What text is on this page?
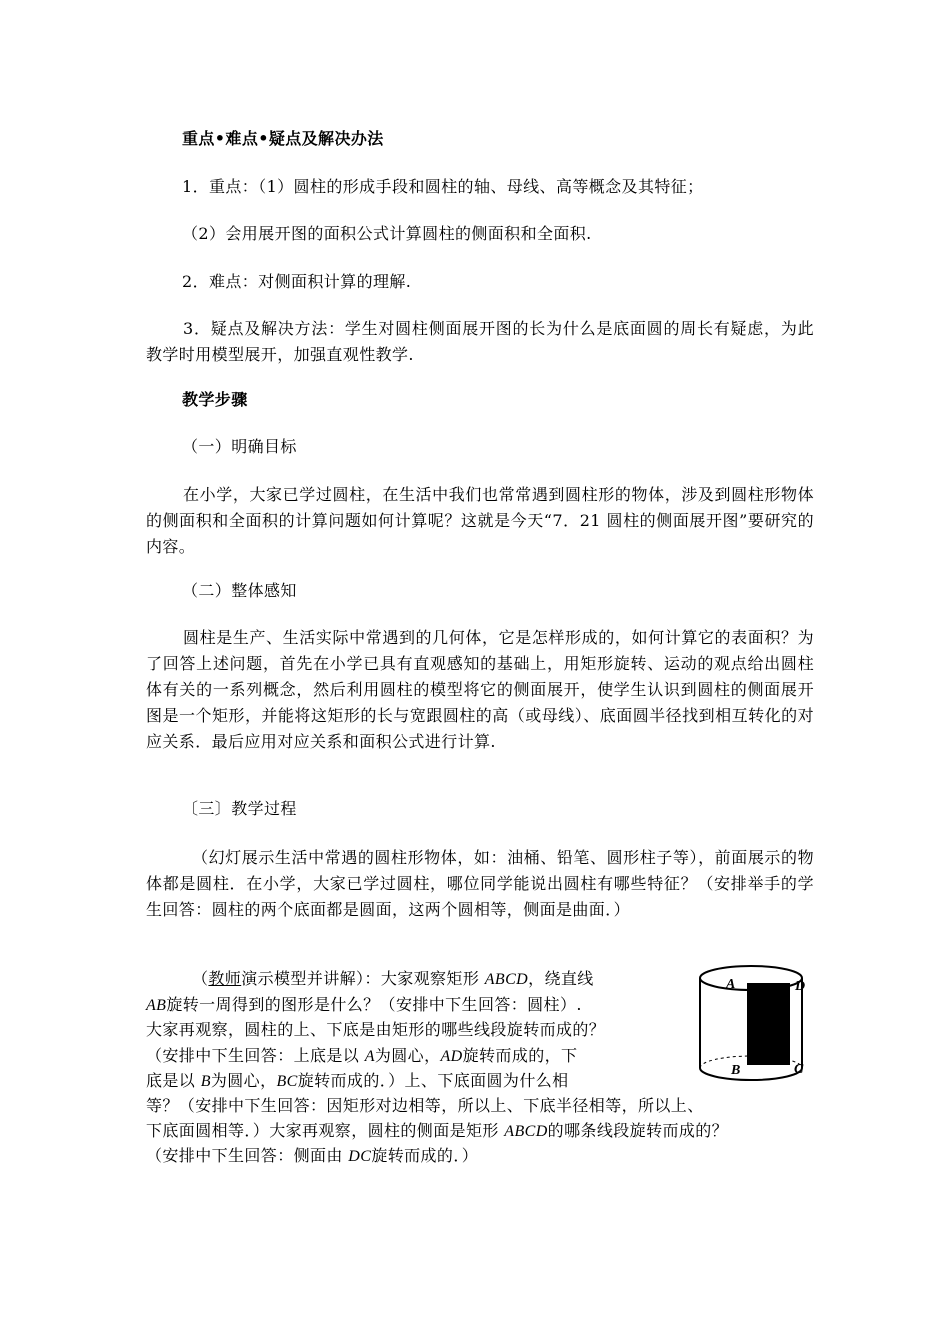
重点•难点•疑点及解决办法
1．重点：（1）圆柱的形成手段和圆柱的轴、母线、高等概念及其特征；
（2）会用展开图的面积公式计算圆柱的侧面积和全面积.
2．难点：对侧面积计算的理解.
3．疑点及解决方法：学生对圆柱侧面展开图的长为什么是底面圆的周长有疑虑，为此教学时用模型展开，加强直观性教学.
教学步骤
（一）明确目标
在小学，大家已学过圆柱，在生活中我们也常常遇到圆柱形的物体，涉及到圆柱形物体的侧面积和全面积的计算问题如何计算呢？这就是今天“7．21 圆柱的侧面展开图”要研究的内容。
（二）整体感知
圆柱是生产、生活实际中常遇到的几何体，它是怎样形成的，如何计算它的表面积？为了回答上述问题，首先在小学已具有直观感知的基础上，用矩形旋转、运动的观点给出圆柱体有关的一系列概念，然后利用圆柱的模型将它的侧面展开，使学生认识到圆柱的侧面展开图是一个矩形，并能将这矩形的长与宽跟圆柱的高（或母线）、底面圆半径找到相互转化的对应关系．最后应用对应关系和面积公式进行计算.
〔三〕教学过程
（幻灯展示生活中常遇的圆柱形物体，如：油桶、铅笔、圆形柱子等），前面展示的物体都是圆柱．在小学，大家已学过圆柱，哪位同学能说出圆柱有哪些特征？（安排举手的学生回答：圆柱的两个底面都是圆面，这两个圆相等，侧面是曲面．）
（教师演示模型并讲解）：大家观察矩形 ABCD，绕直线
AB旋转一周得到的图形是什么？（安排中下生回答：圆柱）.
大家再观察，圆柱的上、下底是由矩形的哪些线段旋转而成的？
（安排中下生回答：上底是以 A为圆心，AD旋转而成的，下
底是以 B为圆心，BC旋转而成的．）上、下底面圆为什么相
等？（安排中下生回答：因矩形对边相等，所以上、下底半径相等，所以上、
下底面圆相等．）大家再观察，圆柱的侧面是矩形 ABCD的哪条线段旋转而成的？
（安排中下生回答：侧面由 DC旋转而成的．）
A	D
B	C
